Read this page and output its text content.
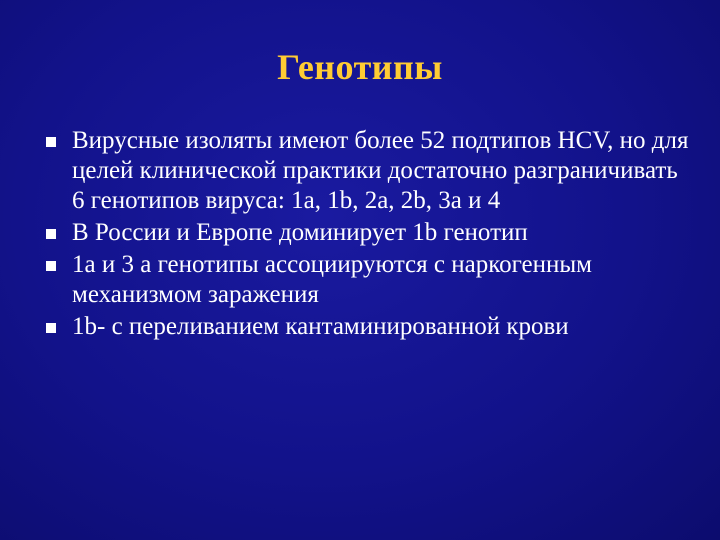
Генотипы
Вирусные изоляты имеют более 52 подтипов HCV, но для целей клинической практики достаточно разграничивать 6 генотипов вируса: 1a, 1b, 2a, 2b, 3a и 4
В России и Европе доминирует 1b генотип
1a и 3 а генотипы ассоциируются с наркогенным механизмом заражения
1b- с переливанием кантаминированной крови
